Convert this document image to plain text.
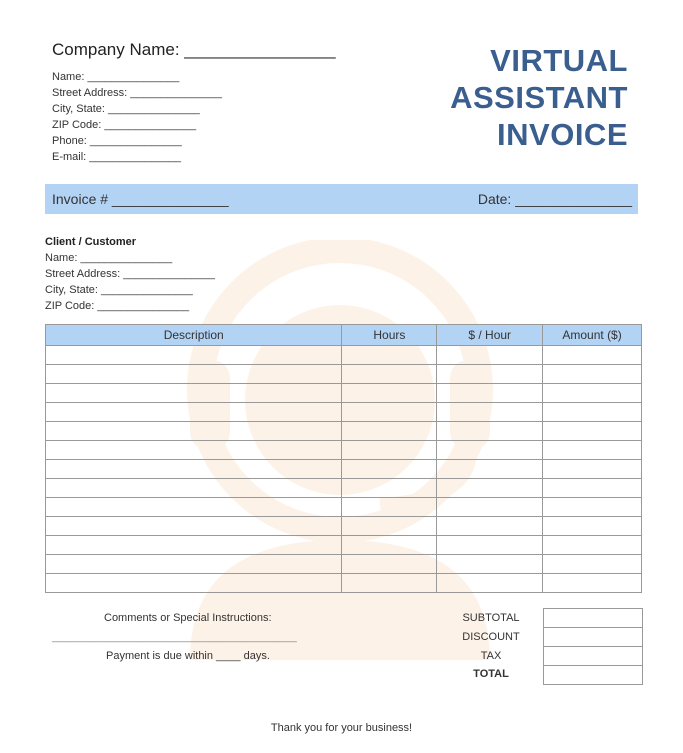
Company Name: ________________
Name: _______________
Street Address: _______________
City, State: _______________
ZIP Code: _______________
Phone: _______________
E-mail: _______________
VIRTUAL
ASSISTANT
INVOICE
Invoice # _______________	Date: _______________
Client / Customer
Name: _______________
Street Address: _______________
City, State: _______________
ZIP Code: _______________
Description	Hours	$ / Hour	Amount ($)

Comments or Special Instructions:
________________________________________
Payment is due within ____ days.
SUBTOTAL
DISCOUNT
TAX
TOTAL
Thank you for your business!
